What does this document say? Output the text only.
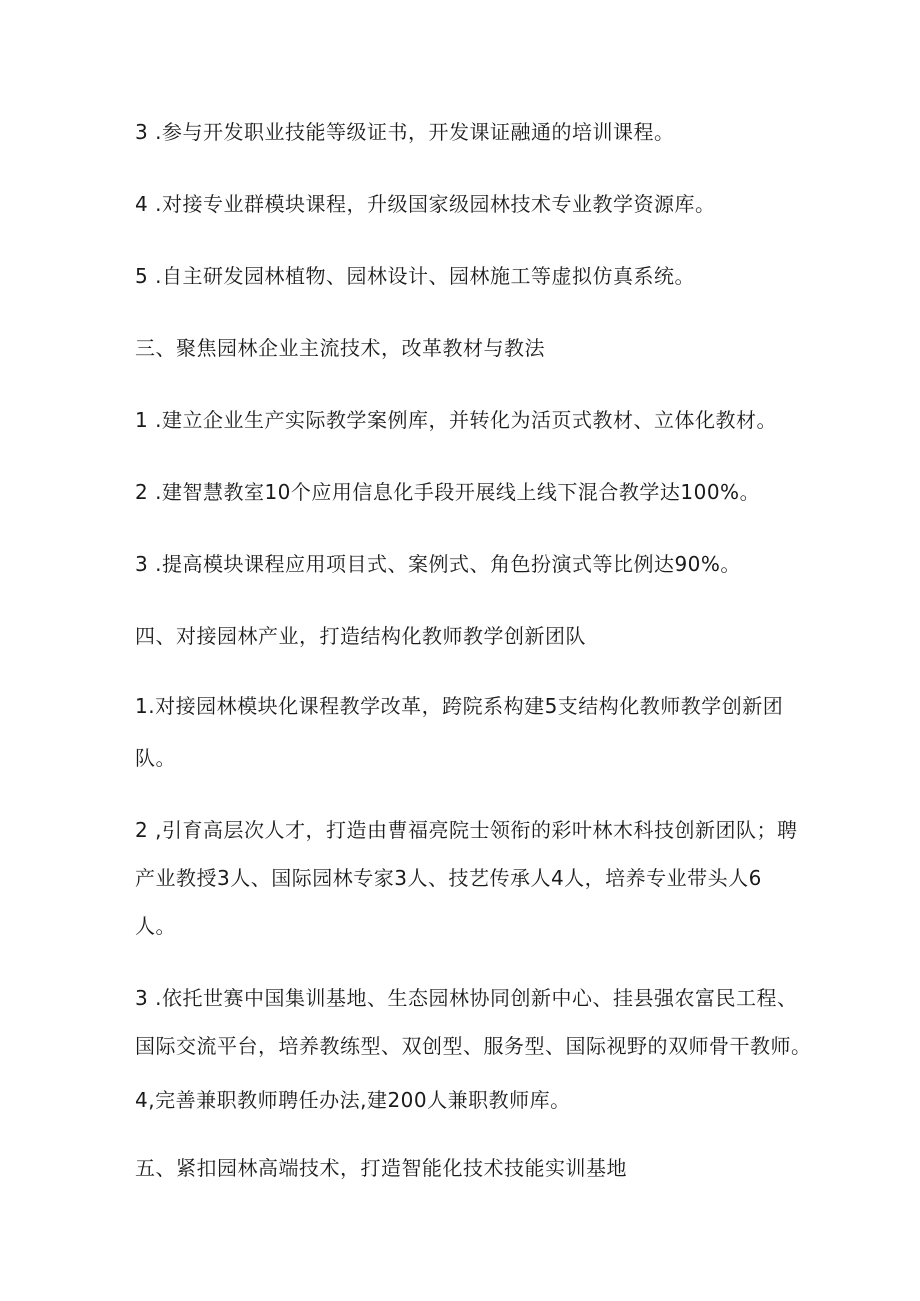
3 .参与开发职业技能等级证书，开发课证融通的培训课程。
4 .对接专业群模块课程，升级国家级园林技术专业教学资源库。
5 .自主研发园林植物、园林设计、园林施工等虚拟仿真系统。
三、聚焦园林企业主流技术，改革教材与教法
1 .建立企业生产实际教学案例库，并转化为活页式教材、立体化教材。
2 .建智慧教室10个应用信息化手段开展线上线下混合教学达100%。
3 .提高模块课程应用项目式、案例式、角色扮演式等比例达90%。
四、对接园林产业，打造结构化教师教学创新团队
1.对接园林模块化课程教学改革，跨院系构建5支结构化教师教学创新团
队。
2 ,引育高层次人才，打造由曹福亮院士领衔的彩叶林木科技创新团队；聘
产业教授3人、国际园林专家3人、技艺传承人4人，培养专业带头人6
人。
3 .依托世赛中国集训基地、生态园林协同创新中心、挂县强农富民工程、
国际交流平台，培养教练型、双创型、服务型、国际视野的双师骨干教师。
4,完善兼职教师聘任办法,建200人兼职教师库。
五、紧扣园林高端技术，打造智能化技术技能实训基地
